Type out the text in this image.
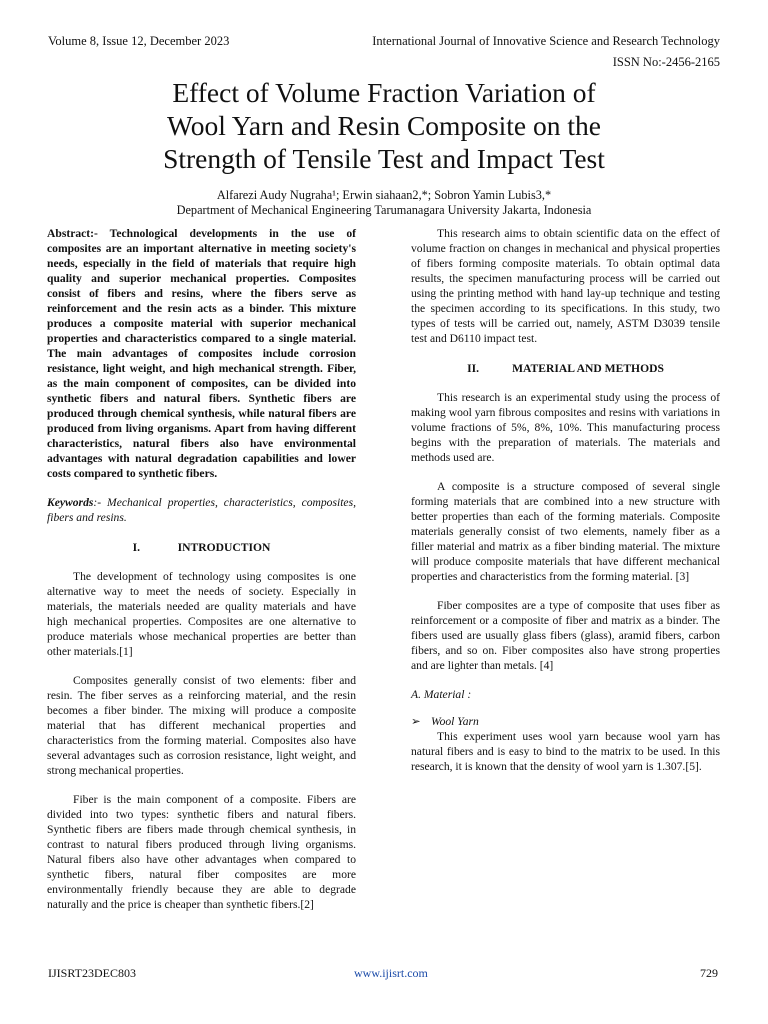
Volume 8, Issue 12, December 2023	International Journal of Innovative Science and Research Technology
ISSN No:-2456-2165
Effect of Volume Fraction Variation of
Wool Yarn and Resin Composite on the
Strength of Tensile Test and Impact Test
Alfarezi Audy Nugraha¹; Erwin siahaan2,*; Sobron Yamin Lubis3,*
Department of Mechanical Engineering Tarumanagara University Jakarta, Indonesia

Abstract:- Technological developments in the use of composites are an important alternative in meeting society's needs, especially in the field of materials that require high quality and superior mechanical properties. Composites consist of fibers and resins, where the fibers serve as reinforcement and the resin acts as a binder. This mixture produces a composite material with superior mechanical properties and characteristics compared to a single material. The main advantages of composites include corrosion resistance, light weight, and high mechanical strength. Fiber, as the main component of composites, can be divided into synthetic fibers and natural fibers. Synthetic fibers are produced through chemical synthesis, while natural fibers are produced from living organisms. Apart from having different characteristics, natural fibers also have environmental advantages with natural degradation capabilities and lower costs compared to synthetic fibers.

Keywords:- Mechanical properties, characteristics, composites, fibers and resins.

I.	INTRODUCTION

The development of technology using composites is one alternative way to meet the needs of society. Especially in materials, the materials needed are quality materials and have high mechanical properties. Composites are one alternative to produce materials whose mechanical properties are better than other materials.[1]

Composites generally consist of two elements: fiber and resin. The fiber serves as a reinforcing material, and the resin becomes a fiber binder. The mixing will produce a composite material that has different mechanical properties and characteristics from the forming material. Composites also have several advantages such as corrosion resistance, light weight, and strong mechanical properties.

Fiber is the main component of a composite. Fibers are divided into two types: synthetic fibers and natural fibers. Synthetic fibers are fibers made through chemical synthesis, in contrast to natural fibers produced through living organisms. Natural fibers also have other advantages when compared to synthetic fibers, natural fiber composites are more environmentally friendly because they are able to degrade naturally and the price is cheaper than synthetic fibers.[2]

This research aims to obtain scientific data on the effect of volume fraction on changes in mechanical and physical properties of fibers forming composite materials. To obtain optimal data results, the specimen manufacturing process will be carried out using the printing method with hand lay-up technique and testing the specimen according to its specifications. In this study, two types of tests will be carried out, namely, ASTM D3039 tensile test and D6110 impact test.

II.	MATERIAL AND METHODS

This research is an experimental study using the process of making wool yarn fibrous composites and resins with variations in volume fractions of 5%, 8%, 10%. This manufacturing process begins with the preparation of materials. The materials and methods used are.

A composite is a structure composed of several single forming materials that are combined into a new structure with better properties than each of the forming materials. Composite materials generally consist of two elements, namely fiber as a filler material and matrix as a fiber binding material. The mixture will produce composite materials that have different mechanical properties and characteristics from the forming material. [3]

Fiber composites are a type of composite that uses fiber as reinforcement or a composite of fiber and matrix as a binder. The fibers used are usually glass fibers (glass), aramid fibers, carbon fibers, and so on. Fiber composites also have strong properties and are lighter than metals. [4]

A. Material :

➢ Wool Yarn

This experiment uses wool yarn because wool yarn has natural fibers and is easy to bind to the matrix to be used. In this research, it is known that the density of wool yarn is 1.307.[5].

IJISRT23DEC803	www.ijisrt.com	729
